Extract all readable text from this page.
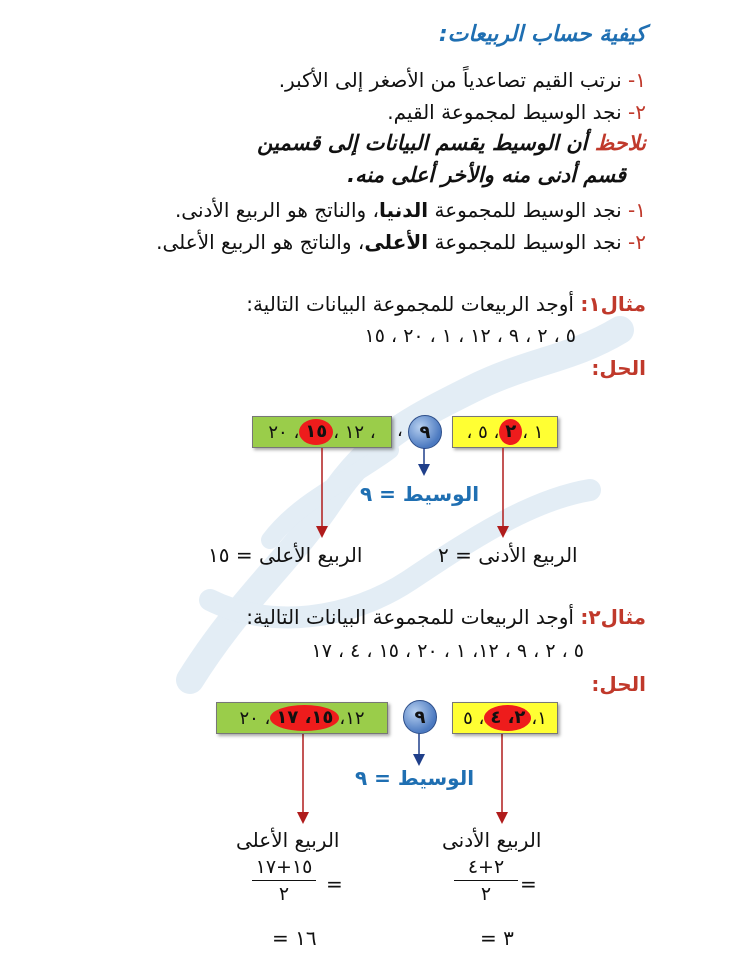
كيفية حساب الربيعات:
١- نرتب القيم تصاعدياً من الأصغر إلى الأكبر.
٢- نجد الوسيط لمجموعة القيم.
نلاحظ أن الوسيط يقسم البيانات إلى قسمين
قسم أدنى منه والأخر أعلى منه.
١- نجد الوسيط للمجموعة الدنيا، والناتج هو الربيع الأدنى.
٢- نجد الوسيط للمجموعة الأعلى، والناتج هو الربيع الأعلى.
مثال١: أوجد الربيعات للمجموعة البيانات التالية:
٥ ، ٢ ، ٩ ، ١٢ ، ١ ، ٢٠ ، ١٥
الحل:
١ ،
٢
، ٥ ،
٩
،
، ١٢ ،
١٥
، ٢٠
الوسيط = ٩
الربيع الأعلى = ١٥	الربيع الأدنى = ٢
مثال٢: أوجد الربيعات للمجموعة البيانات التالية:
٥ ، ٢ ، ٩ ، ١٢، ١ ، ٢٠ ، ١٥ ، ٤ ، ١٧
الحل:
١،
٢، ٤
، ٥
٩
١٢،
١٥، ١٧
، ٢٠
الوسيط = ٩
الربيع الأعلى	الربيع الأدنى
١٥+١٧
٢ =
٢+٤
٢ =
١٦ =	٣ =
